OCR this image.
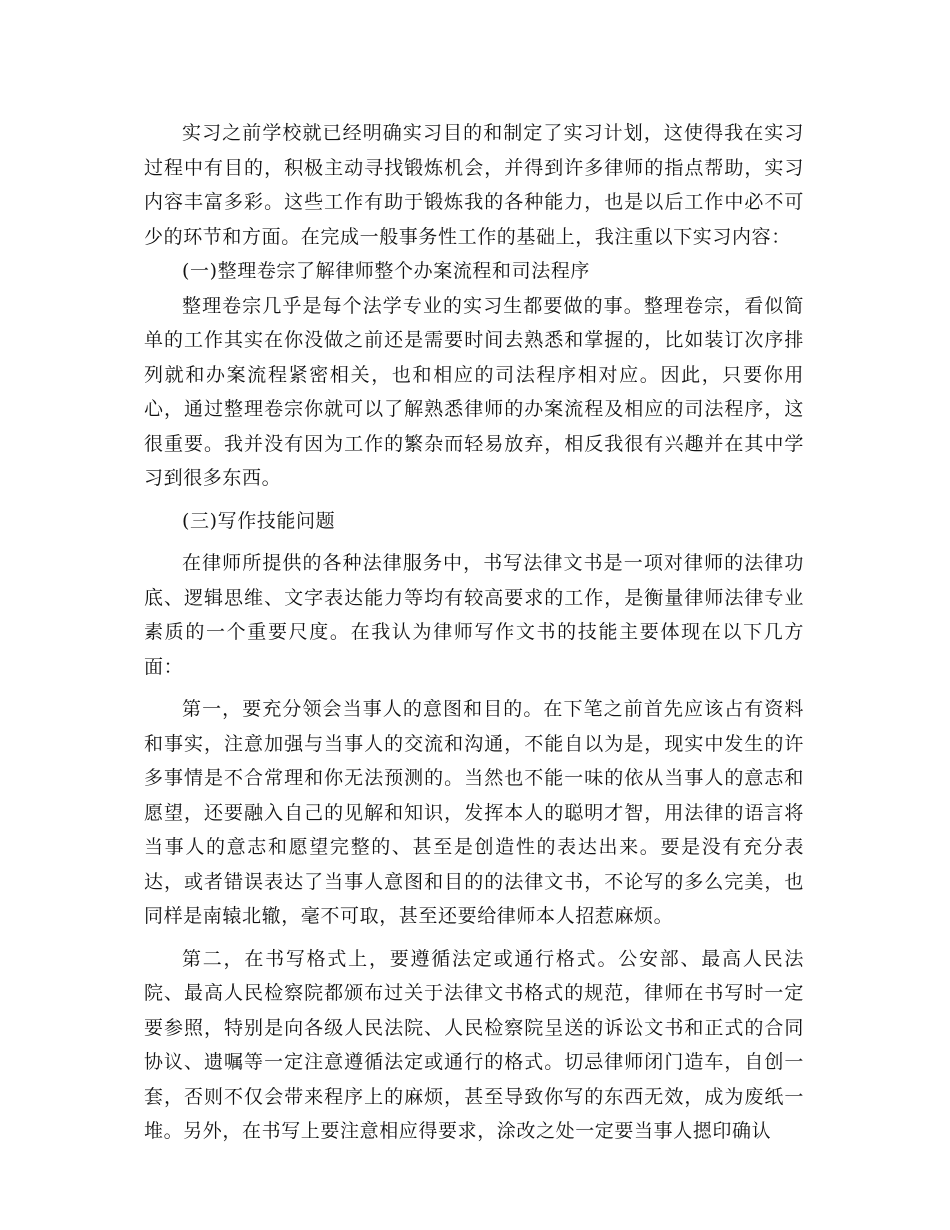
实习之前学校就已经明确实习目的和制定了实习计划，这使得我在实习过程中有目的，积极主动寻找锻炼机会，并得到许多律师的指点帮助，实习内容丰富多彩。这些工作有助于锻炼我的各种能力，也是以后工作中必不可少的环节和方面。在完成一般事务性工作的基础上，我注重以下实习内容：

(一)整理卷宗了解律师整个办案流程和司法程序

整理卷宗几乎是每个法学专业的实习生都要做的事。整理卷宗，看似简单的工作其实在你没做之前还是需要时间去熟悉和掌握的，比如装订次序排列就和办案流程紧密相关，也和相应的司法程序相对应。因此，只要你用心，通过整理卷宗你就可以了解熟悉律师的办案流程及相应的司法程序，这很重要。我并没有因为工作的繁杂而轻易放弃，相反我很有兴趣并在其中学习到很多东西。

(三)写作技能问题

在律师所提供的各种法律服务中，书写法律文书是一项对律师的法律功底、逻辑思维、文字表达能力等均有较高要求的工作，是衡量律师法律专业素质的一个重要尺度。在我认为律师写作文书的技能主要体现在以下几方面：

第一，要充分领会当事人的意图和目的。在下笔之前首先应该占有资料和事实，注意加强与当事人的交流和沟通，不能自以为是，现实中发生的许多事情是不合常理和你无法预测的。当然也不能一味的依从当事人的意志和愿望，还要融入自己的见解和知识，发挥本人的聪明才智，用法律的语言将当事人的意志和愿望完整的、甚至是创造性的表达出来。要是没有充分表达，或者错误表达了当事人意图和目的的法律文书，不论写的多么完美，也同样是南辕北辙，毫不可取，甚至还要给律师本人招惹麻烦。

第二，在书写格式上，要遵循法定或通行格式。公安部、最高人民法院、最高人民检察院都颁布过关于法律文书格式的规范，律师在书写时一定要参照，特别是向各级人民法院、人民检察院呈送的诉讼文书和正式的合同协议、遗嘱等一定注意遵循法定或通行的格式。切忌律师闭门造车，自创一套，否则不仅会带来程序上的麻烦，甚至导致你写的东西无效，成为废纸一堆。另外，在书写上要注意相应得要求，涂改之处一定要当事人摁印确认
